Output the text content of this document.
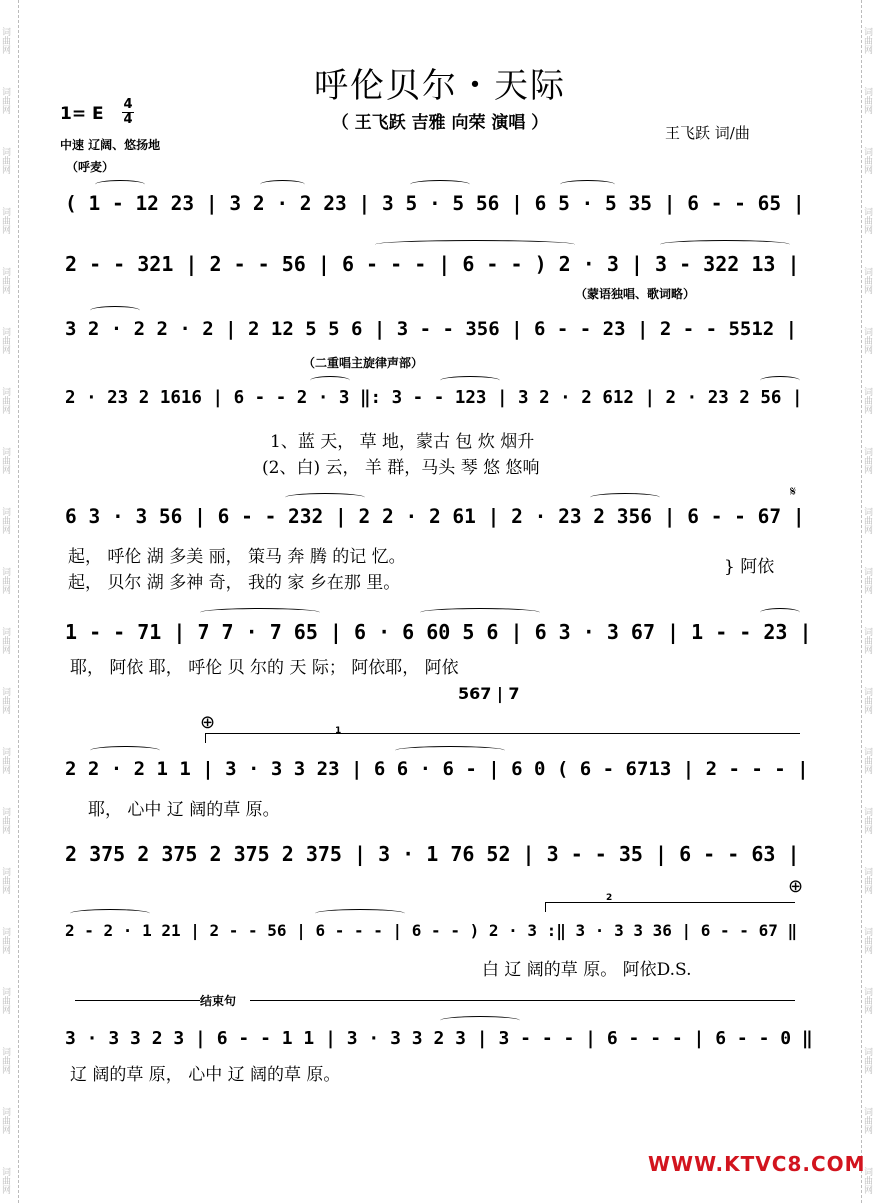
词曲网
词曲网
词曲网
词曲网
词曲网
词曲网
词曲网
词曲网
词曲网
词曲网
词曲网
词曲网
词曲网
词曲网
词曲网
词曲网
词曲网
词曲网
词曲网
词曲网
词曲网
词曲网
词曲网
词曲网
词曲网
词曲网
词曲网
词曲网
词曲网
词曲网
词曲网
词曲网
词曲网
词曲网
词曲网
词曲网
词曲网
词曲网
词曲网
词曲网
呼伦贝尔・天际
（ 王飞跃 吉雅 向荣 演唱 ）	王飞跃 词/曲
1= E 4
4
中速 辽阔、悠扬地
（呼麦）
( 1 - 12 23 | 3 2 · 2 23 | 3 5 · 5 56 | 6 5 · 5 35 | 6 - - 65 |
2 - - 321 | 2 - - 56 | 6 - - - | 6 - - ) 2 · 3 | 3 - 322 13 |
（蒙语独唱、歌词略）
3 2 · 2 2 · 2 | 2 12 5 5 6 | 3 - - 356 | 6 - - 23 | 2 - - 5512 |
（二重唱主旋律声部）
2 · 23 2 1616 | 6 - - 2 · 3 ‖: 3 - - 123 | 3 2 · 2 612 | 2 · 23 2 56 |
1、蓝 天， 草 地，蒙古 包 炊 烟升
(2、白) 云， 羊 群，马头 琴 悠 悠响
6 3 · 3 56 | 6 - - 232 | 2 2 · 2 61 | 2 · 23 2 356 | 6 - - 67 |
𝄋
起， 呼伦 湖 多美 丽， 策马 奔 腾 的记 忆。
起， 贝尔 湖 多神 奇， 我的 家 乡在那 里。
} 阿依
1 - - 71 | 7 7 · 7 65 | 6 · 6 60 5 6 | 6 3 · 3 67 | 1 - - 23 |
耶， 阿依 耶， 呼伦 贝 尔的 天 际； 阿依耶， 阿依
567 | 7
⊕	1
2 2 · 2 1 1 | 3 · 3 3 23 | 6 6 · 6 - | 6 0 ( 6 - 6713 | 2 - - - |
耶， 心中 辽 阔的草 原。
2 375 2 375 2 375 2 375 | 3 · 1 76 52 | 3 - - 35 | 6 - - 63 |
2
⊕
2 - 2 · 1 21 | 2 - - 56 | 6 - - - | 6 - - ) 2 · 3 :‖ 3 · 3 3 36 | 6 - - 67 ‖
白 辽 阔的草 原。 阿依D.S.
结束句
3 · 3 3 2 3 | 6 - - 1 1 | 3 · 3 3 2 3 | 3 - - - | 6 - - - | 6 - - 0 ‖
辽 阔的草 原， 心中 辽 阔的草 原。
WWW.KTVC8.COM
